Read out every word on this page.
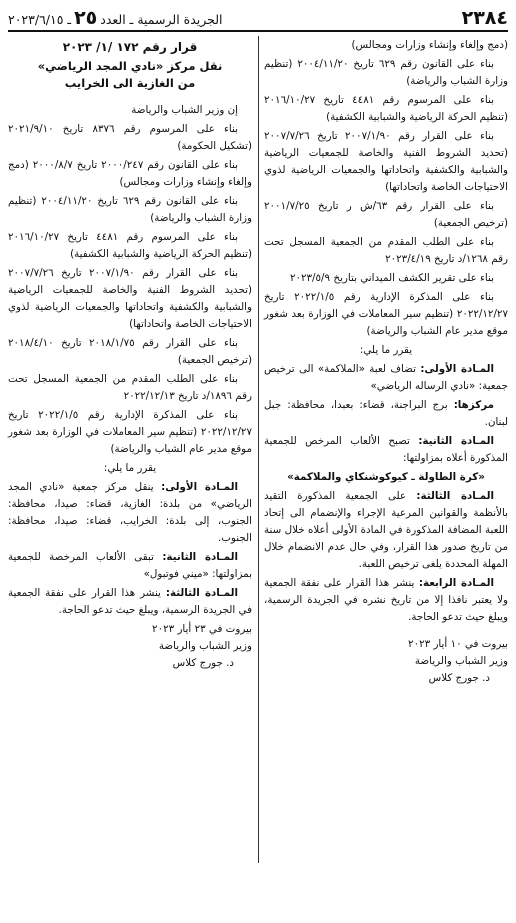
٢٣٨٤
الجريدة الرسمية ـ العدد
٢٥
ـ ٢٠٢٣/٦/١٥

(دمج وإلغاء وإنشاء وزارات ومجالس)

بناء على القانون رقم ٦٢٩ تاريخ ٢٠٠٤/١١/٢٠ (تنظيم وزارة الشباب والرياضة)

بناء على المرسوم رقم ٤٤٨١ تاريخ ٢٠١٦/١٠/٢٧ (تنظيم الحركة الرياضية والشبابية الكشفية)

بناء على القرار رقم ٢٠٠٧/١/٩٠ تاريخ ٢٠٠٧/٧/٢٦ (تحديد الشروط الفنية والخاصة للجمعيات الرياضية والشبابية والكشفية واتحاداتها والجمعيات الرياضية لذوي الاحتياجات الخاصة واتحاداتها)

بناء على القرار رقم ٦٣/ش ر تاريخ ٢٠٠١/٧/٢٥ (ترخيص الجمعية)

بناء على الطلب المقدم من الجمعية المسجل تحت رقم ١٢٦٨/د تاريخ ٢٠٢٣/٤/١٩

بناء على تقرير الكشف الميداني بتاريخ ٢٠٢٣/٥/٩

بناء على المذكرة الإدارية رقم ٢٠٢٢/١/٥ تاريخ ٢٠٢٢/١٢/٢٧ (تنظيم سير المعاملات في الوزارة بعد شغور موقع مدير عام الشباب والرياضة)

يقرر ما يلي:

المـادة الأولى: تضاف لعبة «الملاكمة» الى ترخيص جمعية: «نادي الرساله الرياضي»

مركزها: برج البراجنة، قضاء: بعبدا، محافظة: جبل لبنان.

المـادة الثانية: تصبح الألعاب المرخص للجمعية المذكورة أعلاه بمزاولتها:

«كرة الطاولة ـ كيوكوشنكاي والملاكمة»

المـادة الثالثة: على الجمعية المذكورة التقيد بالأنظمة والقوانين المرعية الإجراء والإنضمام الى إتحاد اللعبة المضافة المذكورة في المادة الأولى أعلاه خلال سنة من تاريخ صدور هذا القرار، وفي حال عدم الانضمام خلال المهلة المحددة يلغى ترخيص اللعبة.

المـادة الرابعة: ينشر هذا القرار على نفقة الجمعية ولا يعتبر نافذا إلا من تاريخ نشره في الجريدة الرسمية، ويبلغ حيث تدعو الحاجة.

بيروت في ١٠ أيار ٢٠٢٣

وزير الشباب والرياضة

د. جورج كلاس

قرار رقم ١٧٢ /١/ ٢٠٢٣
نقل مركز «نادي المجد الرياضي»
من الغازية الى الخرايب

إن وزير الشباب والرياضة

بناء على المرسوم رقم ٨٣٧٦ تاريخ ٢٠٢١/٩/١٠ (تشكيل الحكومة)

بناء على القانون رقم ٢٠٠٠/٢٤٧ تاريخ ٢٠٠٠/٨/٧ (دمج وإلغاء وإنشاء وزارات ومجالس)

بناء على القانون رقم ٦٢٩ تاريخ ٢٠٠٤/١١/٢٠ (تنظيم وزارة الشباب والرياضة)

بناء على المرسوم رقم ٤٤٨١ تاريخ ٢٠١٦/١٠/٢٧ (تنظيم الحركة الرياضية والشبابية الكشفية)

بناء على القرار رقم ٢٠٠٧/١/٩٠ تاريخ ٢٠٠٧/٧/٢٦ (تحديد الشروط الفنية والخاصة للجمعيات الرياضية والشبابية والكشفية واتحاداتها والجمعيات الرياضية لذوي الاحتياجات الخاصة واتحاداتها)

بناء على القرار رقم ٢٠١٨/١/٧٥ تاريخ ٢٠١٨/٤/١٠ (ترخيص الجمعية)

بناء على الطلب المقدم من الجمعية المسجل تحت رقم ١٨٩٦/د تاريخ ٢٠٢٢/١٢/١٣

بناء على المذكرة الإدارية رقم ٢٠٢٢/١/٥ تاريخ ٢٠٢٢/١٢/٢٧ (تنظيم سير المعاملات في الوزارة بعد شغور موقع مدير عام الشباب والرياضة)

يقرر ما يلي:

المـادة الأولى: ينقل مركز جمعية «نادي المجد الرياضي» من بلدة: الغازية، قضاء: صيدا، محافظة: الجنوب، إلى بلدة: الخرايب، قضاء: صيدا، محافظة: الجنوب.

المـادة الثانية: تبقى الألعاب المرخصة للجمعية بمزاولتها: «ميني فوتبول»

المـادة الثالثة: ينشر هذا القرار على نفقة الجمعية في الجريدة الرسمية، ويبلغ حيث تدعو الحاجة.

بيروت في ٢٣ أيار ٢٠٢٣

وزير الشباب والرياضة

د. جورج كلاس
